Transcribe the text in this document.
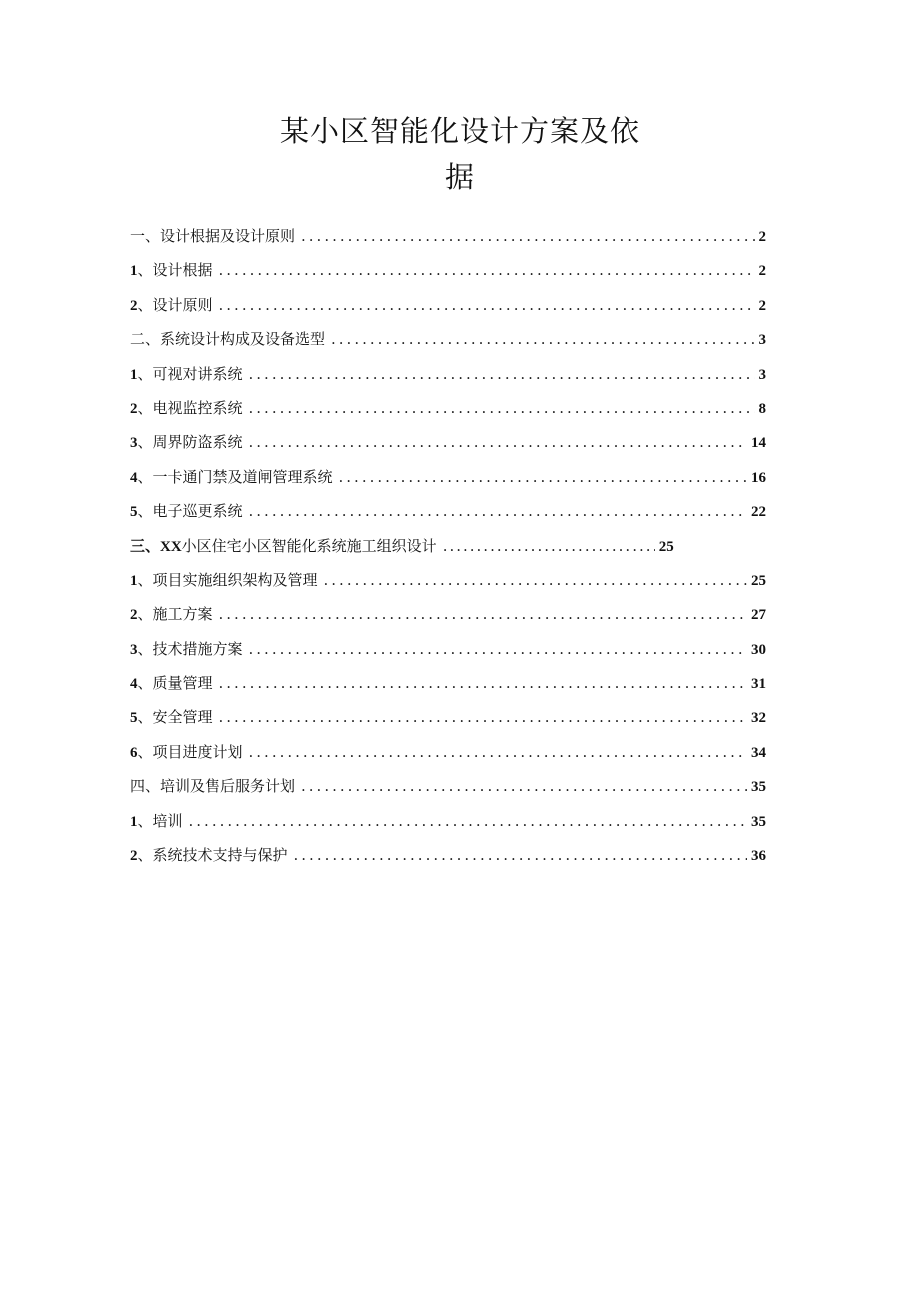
某小区智能化设计方案及依
据
一、设计根据及设计原则 .....	2
1、设计根据 .....	2
2、设计原则 .....	2
二、系统设计构成及设备选型 .....	3
1、可视对讲系统 .....	3
2、电视监控系统 .....	8
3、周界防盗系统 .....	14
4、一卡通门禁及道闸管理系统 .....	16
5、电子巡更系统 .....	22
三、XX小区住宅小区智能化系统施工组织设计 .....	25
1、项目实施组织架构及管理 .....	25
2、施工方案 .....	27
3、技术措施方案 .....	30
4、质量管理 .....	31
5、安全管理 .....	32
6、项目进度计划 .....	34
四、培训及售后服务计划 .....	35
1、培训 .....	35
2、系统技术支持与保护 .....	36
